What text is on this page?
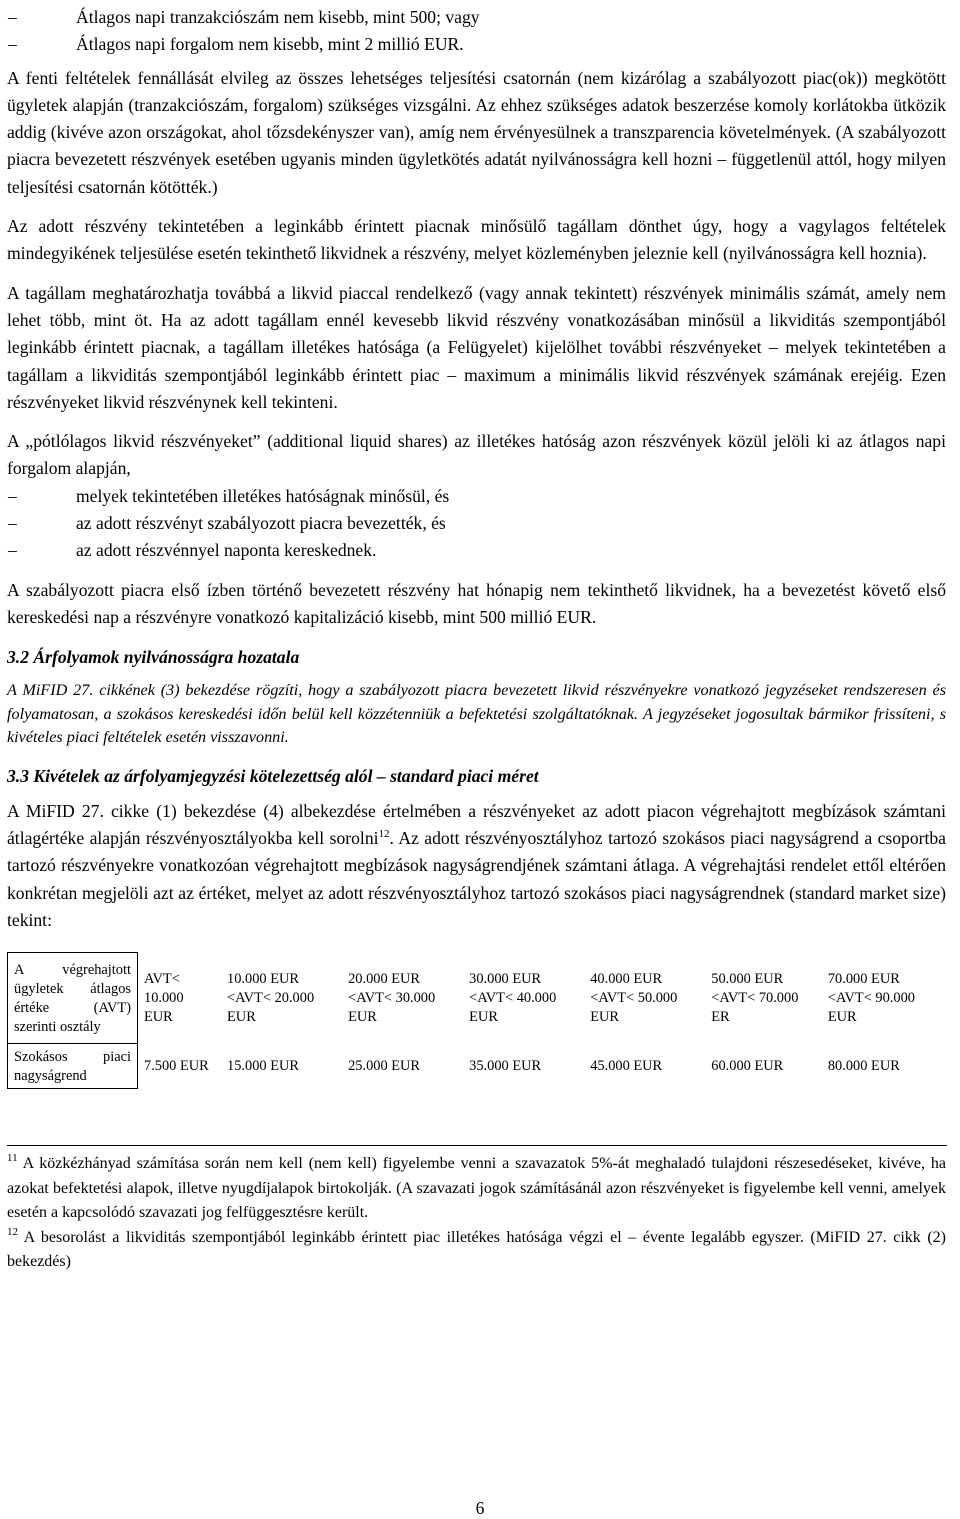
–	Átlagos napi tranzakciószám nem kisebb, mint 500; vagy
–	Átlagos napi forgalom nem kisebb, mint 2 millió EUR.

A fenti feltételek fennállását elvileg az összes lehetséges teljesítési csatornán (nem kizárólag a szabályozott piac(ok)) megkötött ügyletek alapján (tranzakciószám, forgalom) szükséges vizsgálni. Az ehhez szükséges adatok beszerzése komoly korlátokba ütközik addig (kivéve azon országokat, ahol tőzsdekényszer van), amíg nem érvényesülnek a transzparencia követelmények. (A szabályozott piacra bevezetett részvények esetében ugyanis minden ügyletkötés adatát nyilvánosságra kell hozni – függetlenül attól, hogy milyen teljesítési csatornán kötötték.)

Az adott részvény tekintetében a leginkább érintett piacnak minősülő tagállam dönthet úgy, hogy a vagylagos feltételek mindegyikének teljesülése esetén tekinthető likvidnek a részvény, melyet közleményben jeleznie kell (nyilvánosságra kell hoznia).

A tagállam meghatározhatja továbbá a likvid piaccal rendelkező (vagy annak tekintett) részvények minimális számát, amely nem lehet több, mint öt. Ha az adott tagállam ennél kevesebb likvid részvény vonatkozásában minősül a likviditás szempontjából leginkább érintett piacnak, a tagállam illetékes hatósága (a Felügyelet) kijelölhet további részvényeket – melyek tekintetében a tagállam a likviditás szempontjából leginkább érintett piac – maximum a minimális likvid részvények számának erejéig. Ezen részvényeket likvid részvénynek kell tekinteni.

A „pótlólagos likvid részvényeket” (additional liquid shares) az illetékes hatóság azon részvények közül jelöli ki az átlagos napi forgalom alapján,

–	melyek tekintetében illetékes hatóságnak minősül, és
–	az adott részvényt szabályozott piacra bevezették, és
–	az adott részvénnyel naponta kereskednek.

A szabályozott piacra első ízben történő bevezetett részvény hat hónapig nem tekinthető likvidnek, ha a bevezetést követő első kereskedési nap a részvényre vonatkozó kapitalizáció kisebb, mint 500 millió EUR.

3.2 Árfolyamok nyilvánosságra hozatala

A MiFID 27. cikkének (3) bekezdése rögzíti, hogy a szabályozott piacra bevezetett likvid részvényekre vonatkozó jegyzéseket rendszeresen és folyamatosan, a szokásos kereskedési időn belül kell közzétenniük a befektetési szolgáltatóknak. A jegyzéseket jogosultak bármikor frissíteni, s kivételes piaci feltételek esetén visszavonni.

3.3 Kivételek az árfolyamjegyzési kötelezettség alól – standard piaci méret

A MiFID 27. cikke (1) bekezdése (4) albekezdése értelmében a részvényeket az adott piacon végrehajtott megbízások számtani átlagértéke alapján részvényosztályokba kell sorolni$^{12}$. Az adott részvényosztályhoz tartozó szokásos piaci nagyságrend a csoportba tartozó részvényekre vonatkozóan végrehajtott megbízások nagyságrendjének számtani átlaga. A végrehajtási rendelet ettől eltérően konkrétan megjelöli azt az értéket, melyet az adott részvényosztályhoz tartozó szokásos piaci nagyságrendnek (standard market size) tekint:

A végrehajtott ügyletek átlagos értéke (AVT) szerinti osztály	AVT< 10.000 EUR	10.000 EUR <AVT< 20.000 EUR	20.000 EUR <AVT< 30.000 EUR	30.000 EUR <AVT< 40.000 EUR	40.000 EUR <AVT< 50.000 EUR	50.000 EUR <AVT< 70.000 ER	70.000 EUR <AVT< 90.000 EUR
Szokásos piaci nagyságrend	7.500 EUR	15.000 EUR	25.000 EUR	35.000 EUR	45.000 EUR	60.000 EUR	80.000 EUR

$^{11}$ A közkézhányad számítása során nem kell (nem kell) figyelembe venni a szavazatok 5%-át meghaladó tulajdoni részesedéseket, kivéve, ha azokat befektetési alapok, illetve nyugdíjalapok birtokolják. (A szavazati jogok számításánál azon részvényeket is figyelembe kell venni, amelyek esetén a kapcsolódó szavazati jog felfüggesztésre került.

$^{12}$ A besorolást a likviditás szempontjából leginkább érintett piac illetékes hatósága végzi el – évente legalább egyszer. (MiFID 27. cikk (2) bekezdés)

6
